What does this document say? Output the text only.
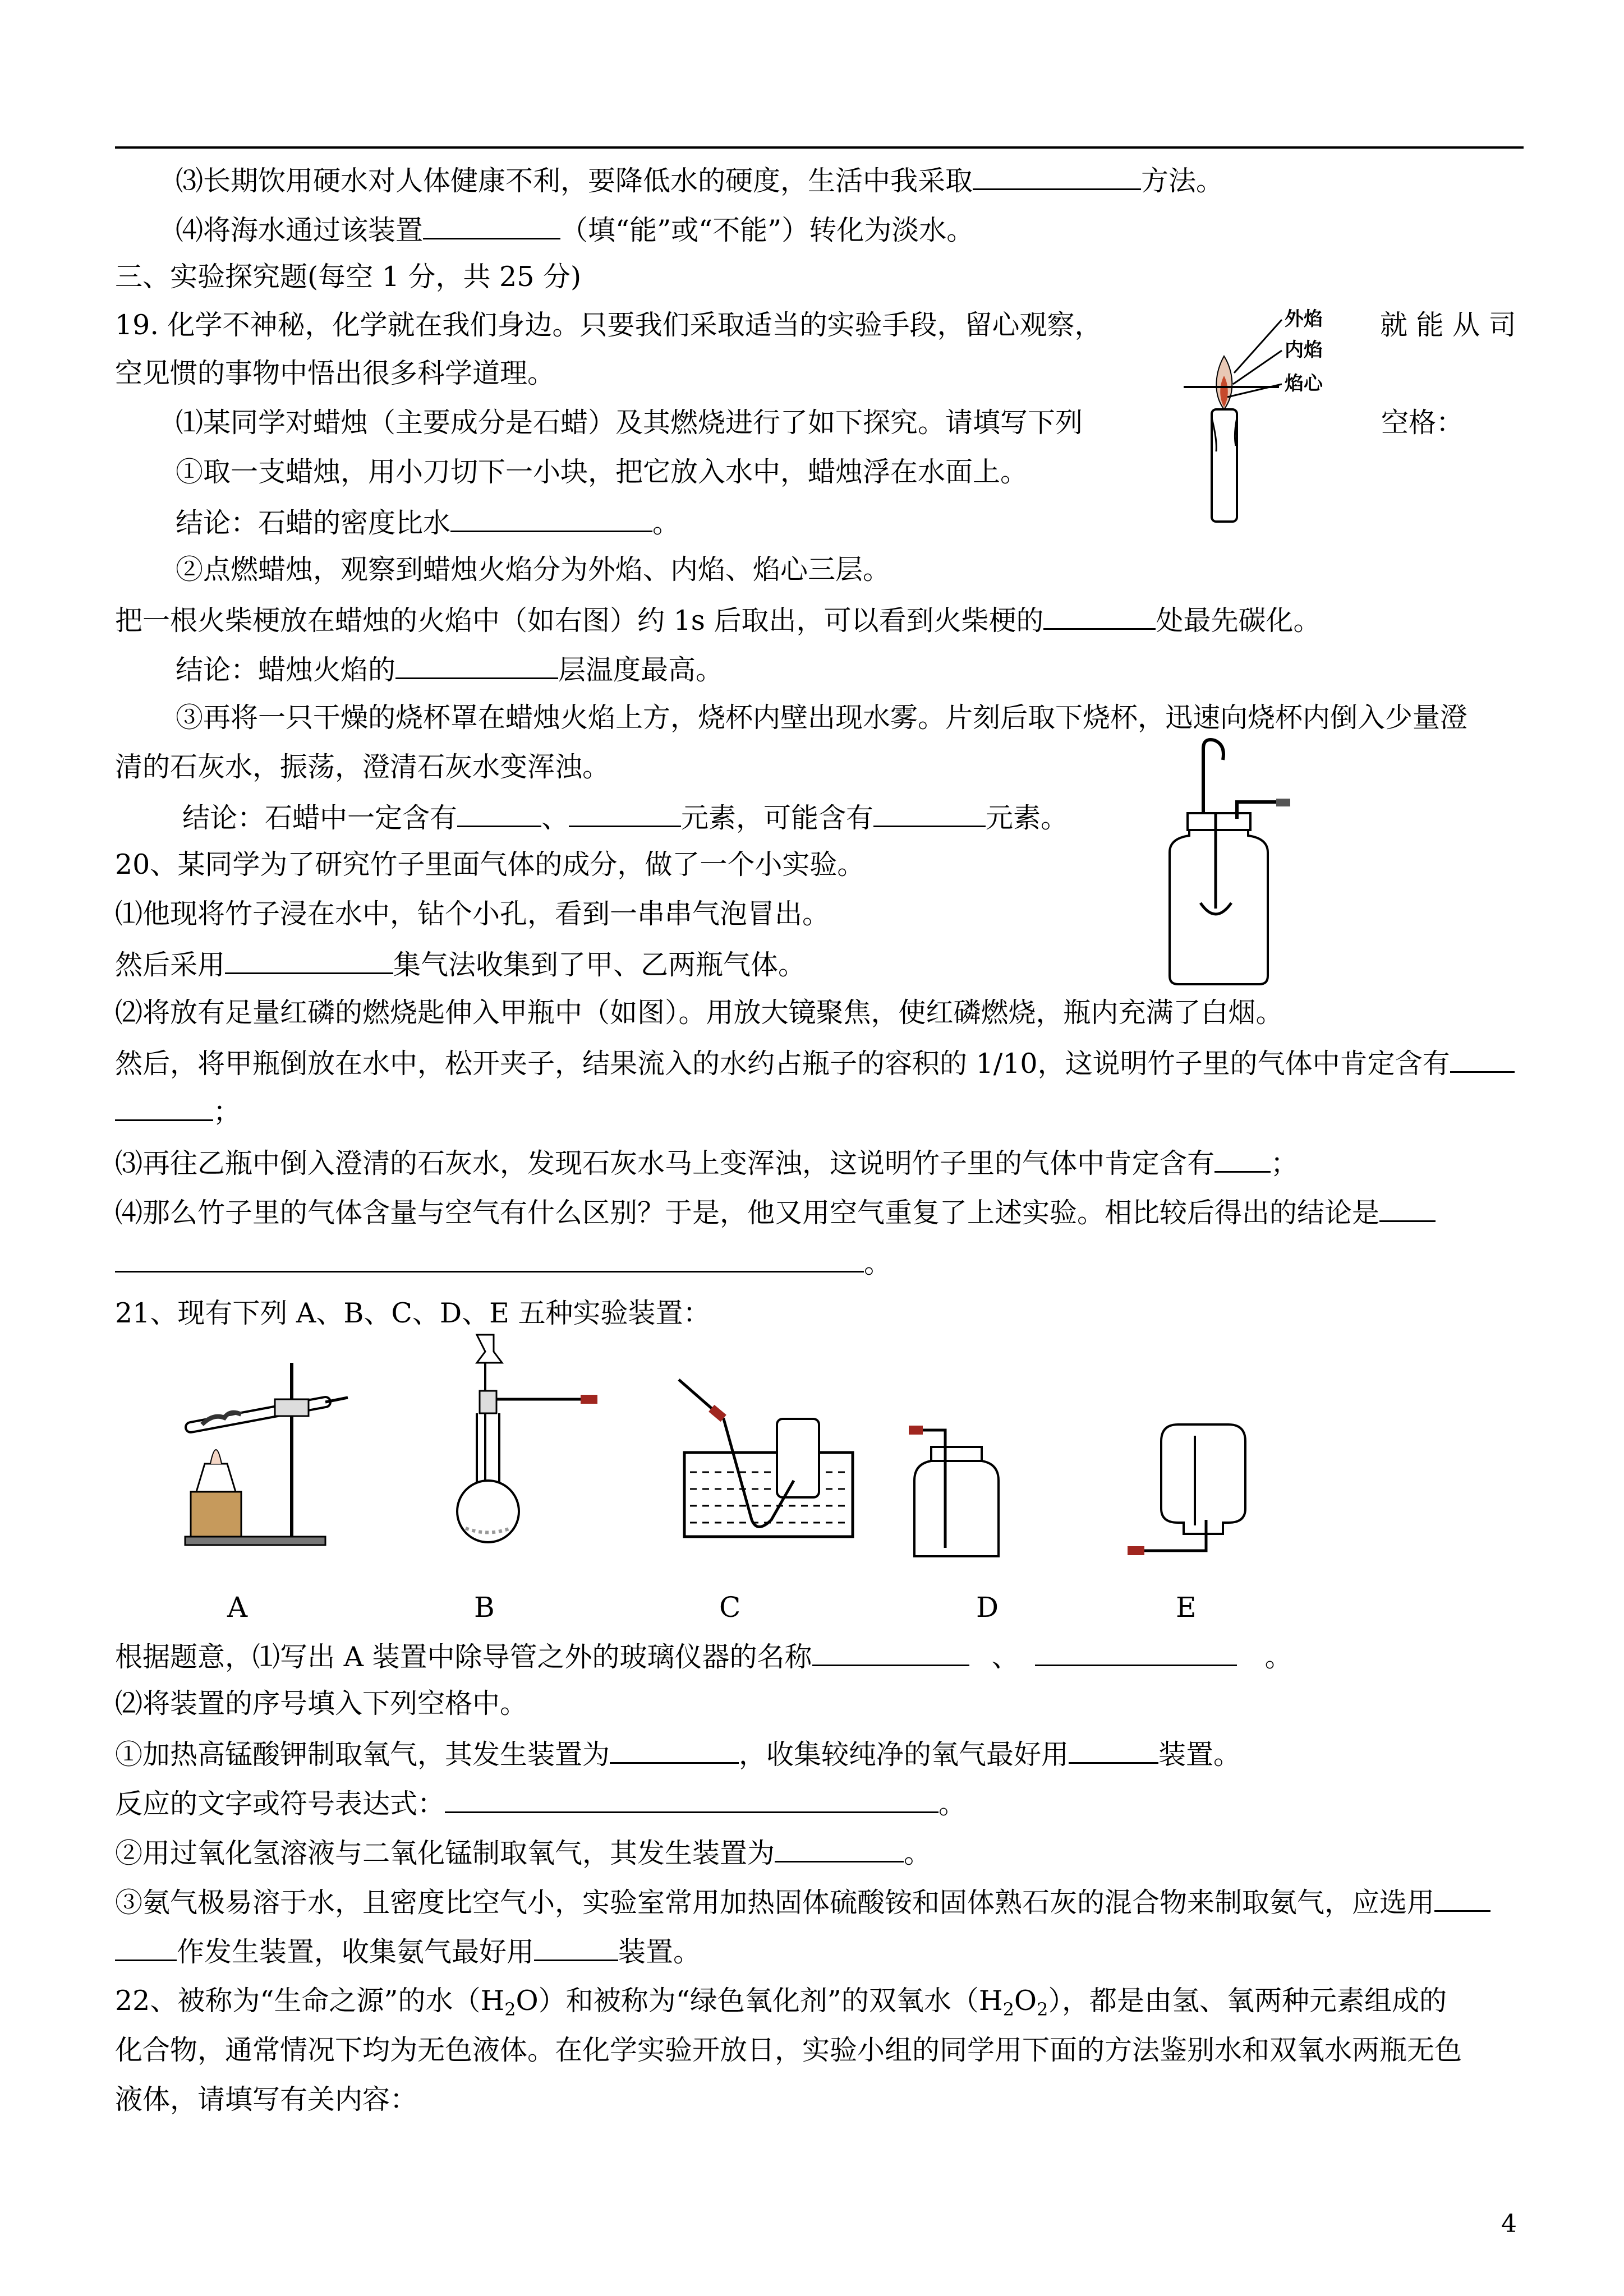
⑶长期饮用硬水对人体健康不利，要降低水的硬度，生活中我采取	方法。
⑷将海水通过该装置	（填“能”或“不能”）转化为淡水。
三、实验探究题(每空 1 分，共 25 分)
19. 化学不神秘，化学就在我们身边。只要我们采取适当的实验手段，留心观察，	就 能 从 司
空见惯的事物中悟出很多科学道理。
⑴某同学对蜡烛（主要成分是石蜡）及其燃烧进行了如下探究。请填写下列	空格：
①取一支蜡烛，用小刀切下一小块，把它放入水中，蜡烛浮在水面上。
结论：石蜡的密度比水	。
②点燃蜡烛，观察到蜡烛火焰分为外焰、内焰、焰心三层。
把一根火柴梗放在蜡烛的火焰中（如右图）约 1s 后取出，可以看到火柴梗的	处最先碳化。
结论：蜡烛火焰的	层温度最高。
③再将一只干燥的烧杯罩在蜡烛火焰上方，烧杯内壁出现水雾。片刻后取下烧杯，迅速向烧杯内倒入少量澄
清的石灰水，振荡，澄清石灰水变浑浊。
结论：石蜡中一定含有	、	元素，可能含有	元素。
外焰
内焰
焰心
20、某同学为了研究竹子里面气体的成分，做了一个小实验。
⑴他现将竹子浸在水中，钻个小孔，看到一串串气泡冒出。
然后采用	集气法收集到了甲、乙两瓶气体。
⑵将放有足量红磷的燃烧匙伸入甲瓶中（如图）。用放大镜聚焦，使红磷燃烧，瓶内充满了白烟。
然后，将甲瓶倒放在水中，松开夹子，结果流入的水约占瓶子的容积的 1/10，这说明竹子里的气体中肯定含有
；
⑶再往乙瓶中倒入澄清的石灰水，发现石灰水马上变浑浊，这说明竹子里的气体中肯定含有 ；
⑷那么竹子里的气体含量与空气有什么区别？于是，他又用空气重复了上述实验。相比较后得出的结论是
。
21、现有下列 A、B、C、D、E 五种实验装置：
A	B	C	D	E
根据题意，⑴写出 A 装置中除导管之外的玻璃仪器的名称	、	。
⑵将装置的序号填入下列空格中。
①加热高锰酸钾制取氧气，其发生装置为	，收集较纯净的氧气最好用	装置。
反应的文字或符号表达式：	。
②用过氧化氢溶液与二氧化锰制取氧气，其发生装置为	。
③氨气极易溶于水，且密度比空气小，实验室常用加热固体硫酸铵和固体熟石灰的混合物来制取氨气，应选用
作发生装置，收集氨气最好用	装置。
22、被称为“生命之源”的水$(H_2O)$和被称为“绿色氧化剂”的双氧水$(H_2O_2)$，都是由氢、氧两种元素组成的
化合物，通常情况下均为无色液体。在化学实验开放日，实验小组的同学用下面的方法鉴别水和双氧水两瓶无色
液体，请填写有关内容：
4
